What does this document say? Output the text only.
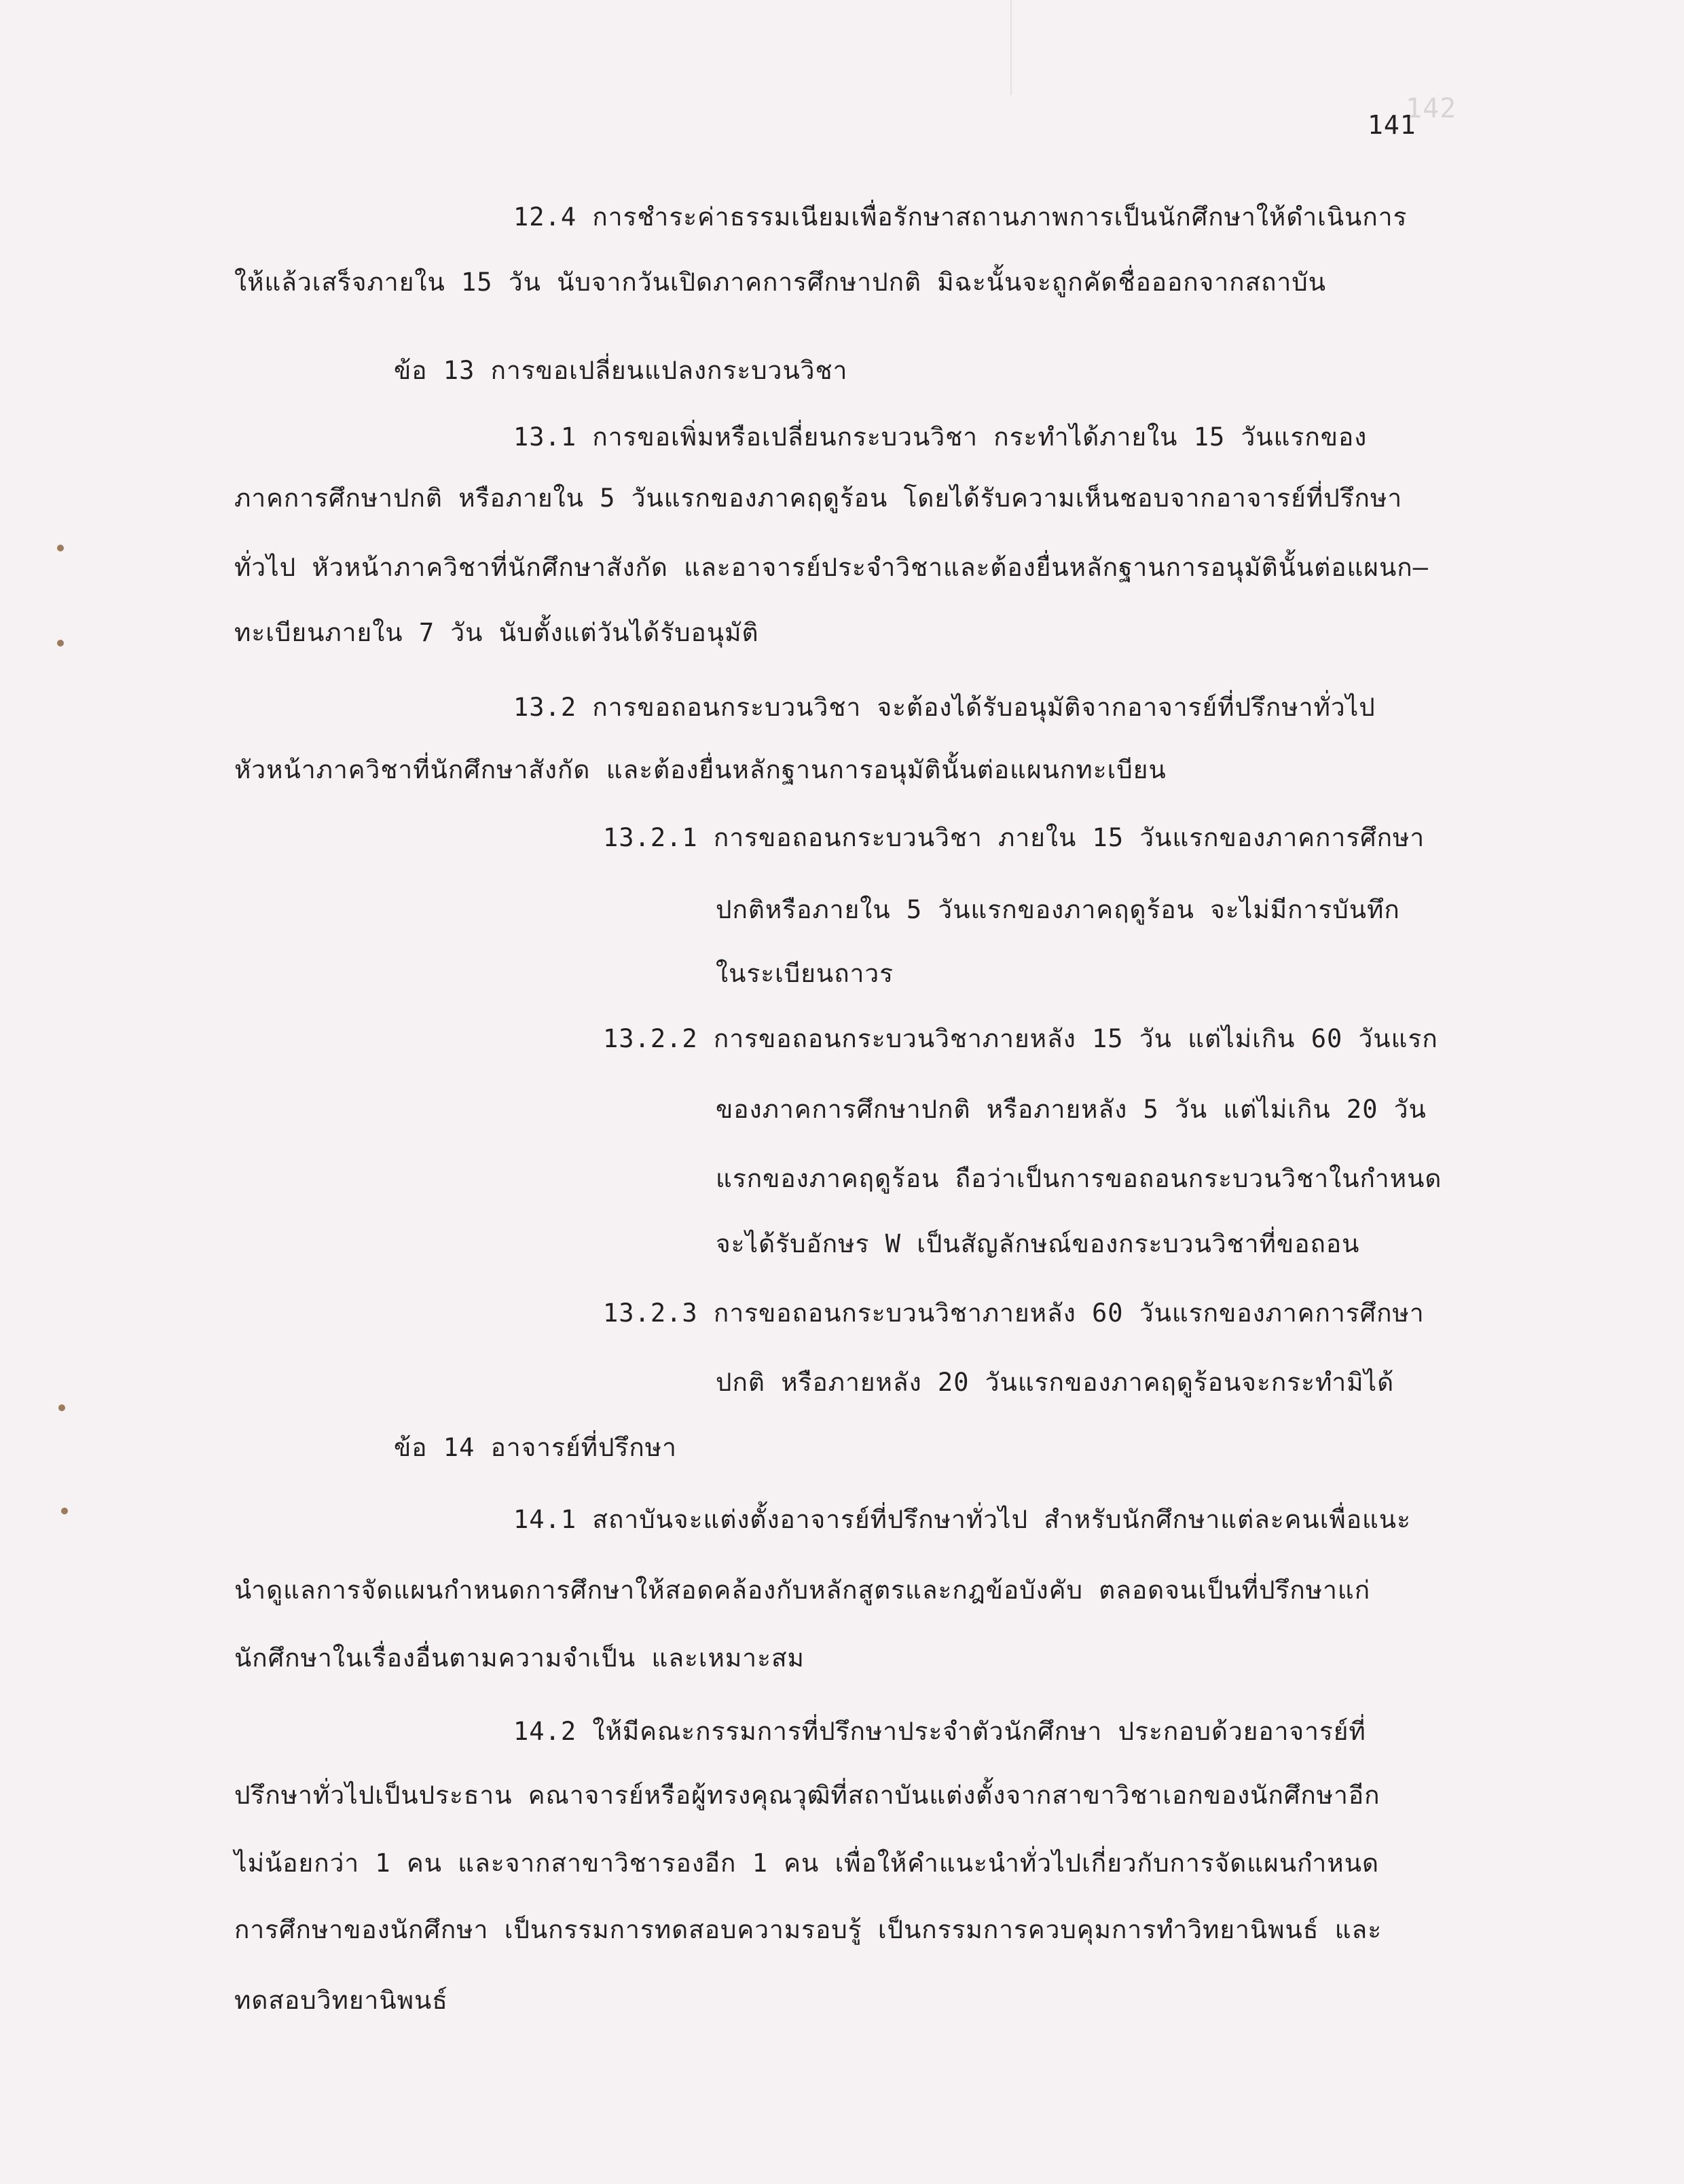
142
141
12.4 การชำระค่าธรรมเนียมเพื่อรักษาสถานภาพการเป็นนักศึกษาให้ดำเนินการ
ให้แล้วเสร็จภายใน 15 วัน นับจากวันเปิดภาคการศึกษาปกติ มิฉะนั้นจะถูกคัดชื่อออกจากสถาบัน
ข้อ 13 การขอเปลี่ยนแปลงกระบวนวิชา
13.1 การขอเพิ่มหรือเปลี่ยนกระบวนวิชา กระทำได้ภายใน 15 วันแรกของ
ภาคการศึกษาปกติ หรือภายใน 5 วันแรกของภาคฤดูร้อน โดยได้รับความเห็นชอบจากอาจารย์ที่ปรึกษา
ทั่วไป หัวหน้าภาควิชาที่นักศึกษาสังกัด และอาจารย์ประจำวิชาและต้องยื่นหลักฐานการอนุมัตินั้นต่อแผนก–
ทะเบียนภายใน 7 วัน นับตั้งแต่วันได้รับอนุมัติ
13.2 การขอถอนกระบวนวิชา จะต้องได้รับอนุมัติจากอาจารย์ที่ปรึกษาทั่วไป
หัวหน้าภาควิชาที่นักศึกษาสังกัด และต้องยื่นหลักฐานการอนุมัตินั้นต่อแผนกทะเบียน
13.2.1 การขอถอนกระบวนวิชา ภายใน 15 วันแรกของภาคการศึกษา
ปกติหรือภายใน 5 วันแรกของภาคฤดูร้อน จะไม่มีการบันทึก
ในระเบียนถาวร
13.2.2 การขอถอนกระบวนวิชาภายหลัง 15 วัน แต่ไม่เกิน 60 วันแรก
ของภาคการศึกษาปกติ หรือภายหลัง 5 วัน แต่ไม่เกิน 20 วัน
แรกของภาคฤดูร้อน ถือว่าเป็นการขอถอนกระบวนวิชาในกำหนด
จะได้รับอักษร W เป็นสัญลักษณ์ของกระบวนวิชาที่ขอถอน
13.2.3 การขอถอนกระบวนวิชาภายหลัง 60 วันแรกของภาคการศึกษา
ปกติ หรือภายหลัง 20 วันแรกของภาคฤดูร้อนจะกระทำมิได้
ข้อ 14 อาจารย์ที่ปรึกษา
14.1 สถาบันจะแต่งตั้งอาจารย์ที่ปรึกษาทั่วไป สำหรับนักศึกษาแต่ละคนเพื่อแนะ
นำดูแลการจัดแผนกำหนดการศึกษาให้สอดคล้องกับหลักสูตรและกฎข้อบังคับ ตลอดจนเป็นที่ปรึกษาแก่
นักศึกษาในเรื่องอื่นตามความจำเป็น และเหมาะสม
14.2 ให้มีคณะกรรมการที่ปรึกษาประจำตัวนักศึกษา ประกอบด้วยอาจารย์ที่
ปรึกษาทั่วไปเป็นประธาน คณาจารย์หรือผู้ทรงคุณวุฒิที่สถาบันแต่งตั้งจากสาขาวิชาเอกของนักศึกษาอีก
ไม่น้อยกว่า 1 คน และจากสาขาวิชารองอีก 1 คน เพื่อให้คำแนะนำทั่วไปเกี่ยวกับการจัดแผนกำหนด
การศึกษาของนักศึกษา เป็นกรรมการทดสอบความรอบรู้ เป็นกรรมการควบคุมการทำวิทยานิพนธ์ และ
ทดสอบวิทยานิพนธ์
